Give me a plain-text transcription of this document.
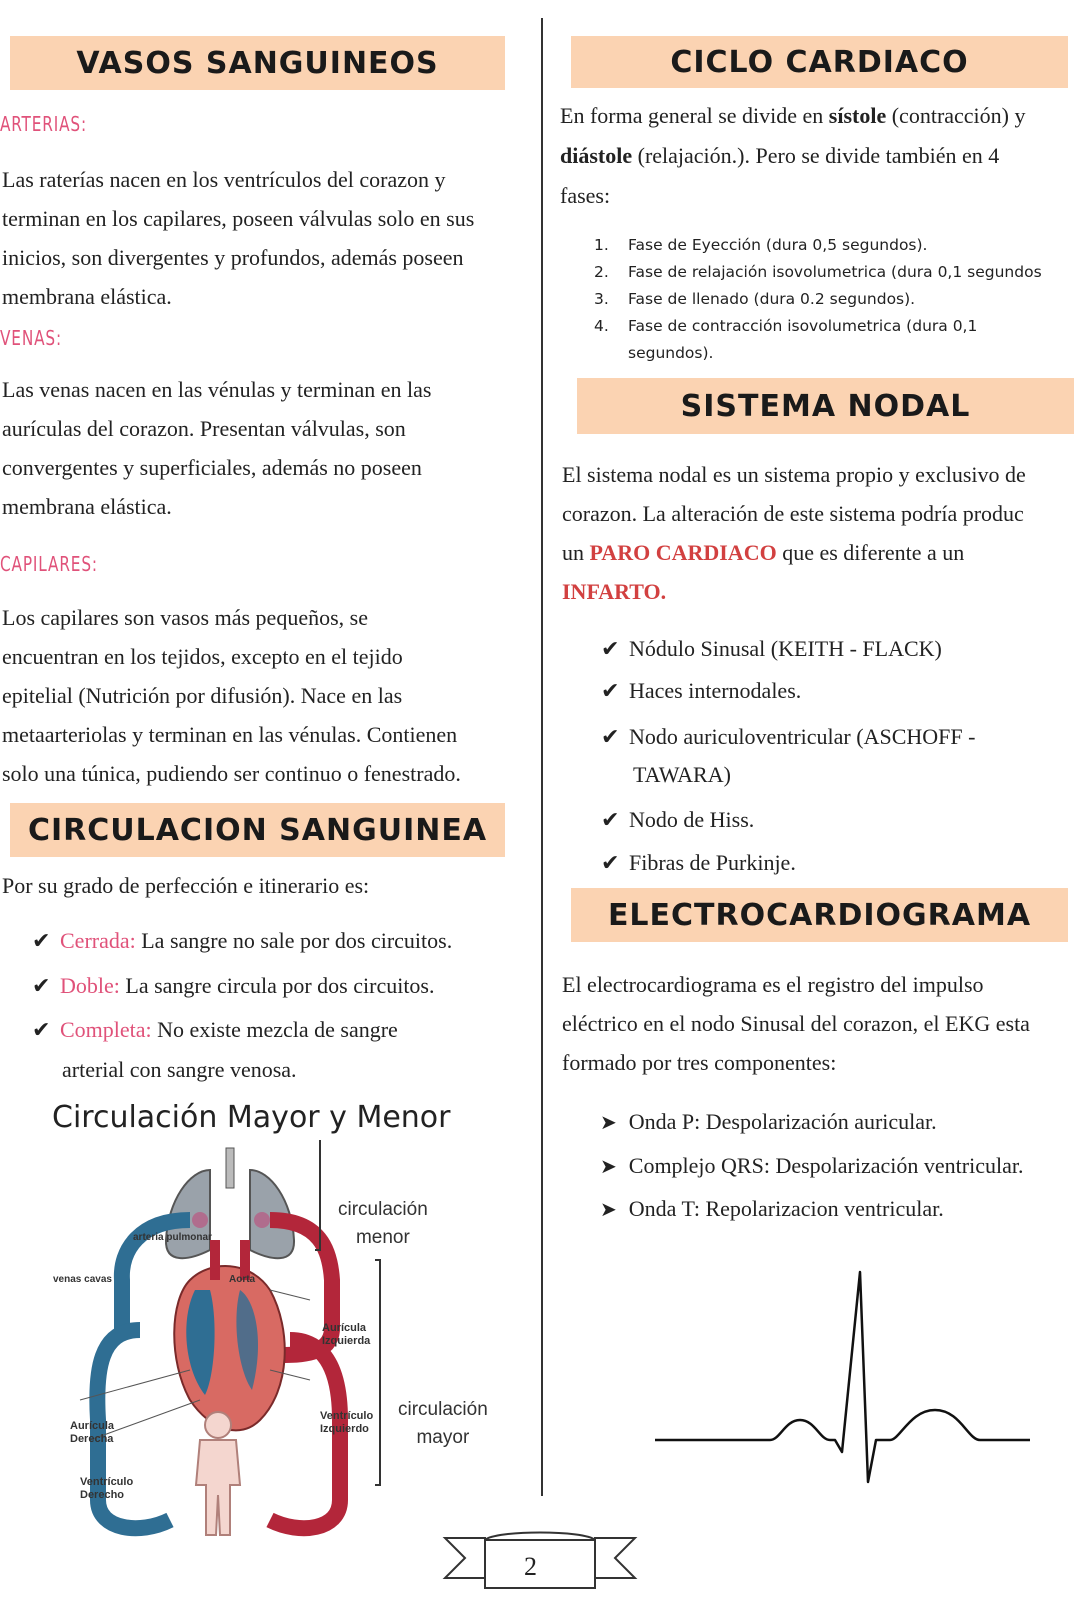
VASOS SANGUINEOS
ARTERIAS:
Las raterías nacen en los ventrículos del corazon y
terminan en los capilares, poseen válvulas solo en sus
inicios, son divergentes y profundos, además poseen
membrana elástica.
VENAS:
Las venas nacen en las vénulas y terminan en las
aurículas del corazon. Presentan válvulas, son
convergentes y superficiales, además no poseen
membrana elástica.
CAPILARES:
Los capilares son vasos más pequeños, se
encuentran en los tejidos, excepto en el tejido
epitelial (Nutrición por difusión). Nace en las
metaarteriolas y terminan en las vénulas. Contienen
solo una túnica, pudiendo ser continuo o fenestrado.
CIRCULACION SANGUINEA
Por su grado de perfección e itinerario es:
✔ Cerrada: La sangre no sale por dos circuitos.
✔ Doble: La sangre circula por dos circuitos.
✔ Completa: No existe mezcla de sangre
arterial con sangre venosa.
Circulación Mayor y Menor
arteria pulmonar
venas cavas	Aorta
Aurícula
Izquierda
Ventrículo
Izquierdo
Aurícula
Derecha
Ventrículo
Derecho
circulación
menor
circulación
mayor
CICLO CARDIACO
En forma general se divide en sístole (contracción) y
diástole (relajación.). Pero se divide también en 4
fases:
1.	Fase de Eyección (dura 0,5 segundos).
2.	Fase de relajación isovolumetrica (dura 0,1 segundos
3.	Fase de llenado (dura 0.2 segundos).
4.	Fase de contracción isovolumetrica (dura 0,1
segundos).
SISTEMA NODAL
El sistema nodal es un sistema propio y exclusivo de
corazon. La alteración de este sistema podría produc
un PARO CARDIACO que es diferente a un
INFARTO.
✔ Nódulo Sinusal (KEITH - FLACK)
✔ Haces internodales.
✔ Nodo auriculoventricular (ASCHOFF -
TAWARA)
✔ Nodo de Hiss.
✔ Fibras de Purkinje.
ELECTROCARDIOGRAMA
El electrocardiograma es el registro del impulso
eléctrico en el nodo Sinusal del corazon, el EKG esta
formado por tres componentes:
➤ Onda P: Despolarización auricular.
➤ Complejo QRS: Despolarización ventricular.
➤ Onda T: Repolarizacion ventricular.
2
